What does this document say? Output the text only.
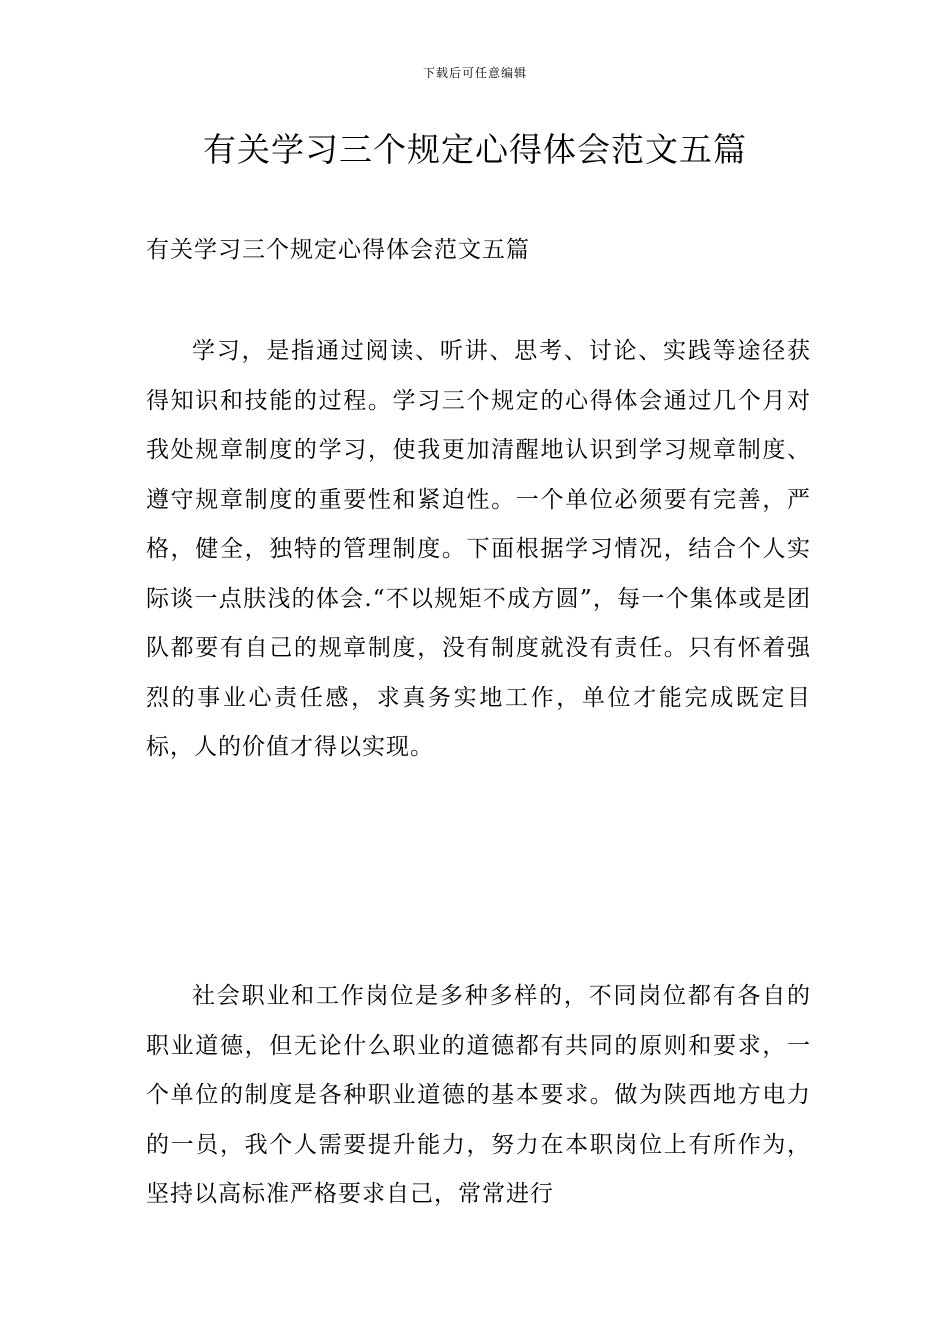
下载后可任意编辑
有关学习三个规定心得体会范文五篇

有关学习三个规定心得体会范文五篇

学习，是指通过阅读、听讲、思考、讨论、实践等途径获得知识和技能的过程。学习三个规定的心得体会通过几个月对我处规章制度的学习，使我更加清醒地认识到学习规章制度、遵守规章制度的重要性和紧迫性。一个单位必须要有完善，严格，健全，独特的管理制度。下面根据学习情况，结合个人实际谈一点肤浅的体会.“不以规矩不成方圆”，每一个集体或是团队都要有自己的规章制度，没有制度就没有责任。只有怀着强烈的事业心责任感，求真务实地工作，单位才能完成既定目标，人的价值才得以实现。

社会职业和工作岗位是多种多样的，不同岗位都有各自的职业道德，但无论什么职业的道德都有共同的原则和要求，一个单位的制度是各种职业道德的基本要求。做为陕西地方电力的一员，我个人需要提升能力，努力在本职岗位上有所作为，坚持以高标准严格要求自己，常常进行
